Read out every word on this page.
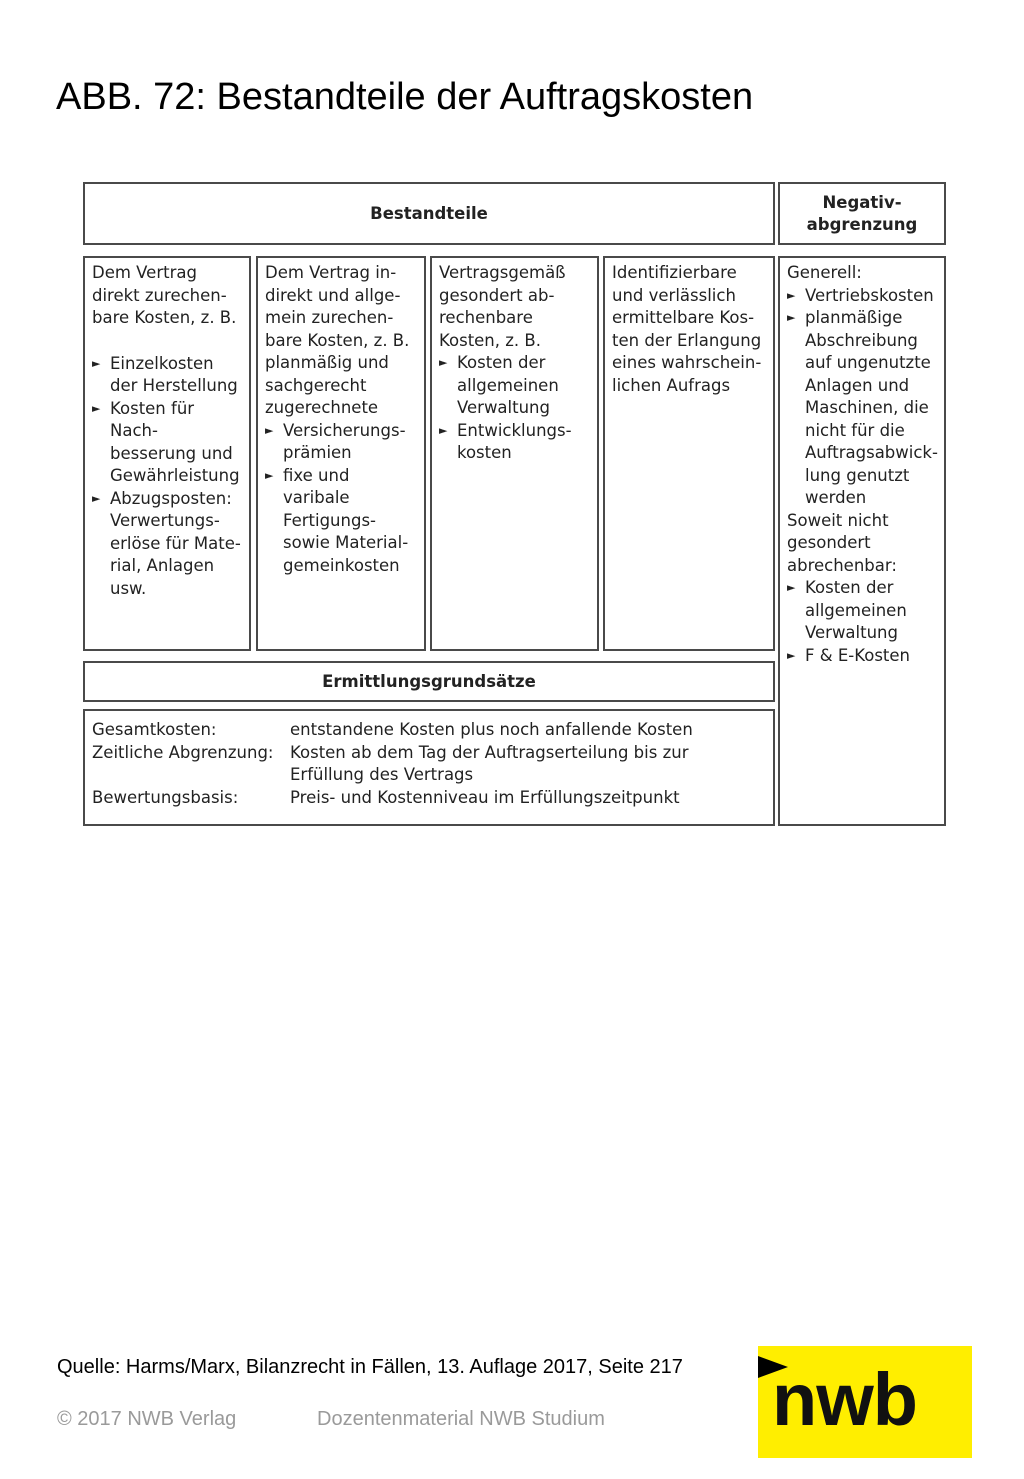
ABB. 72: Bestandteile der Auftragskosten
Bestandteile
Negativ-
abgrenzung
Dem Vertrag
direkt zurechen-
bare Kosten, z. B.
► Einzelkosten
der Herstellung
► Kosten für Nach-
besserung und
Gewährleistung
► Abzugsposten:
Verwertungs-
erlöse für Mate-
rial, Anlagen
usw.
Dem Vertrag in-
direkt und allge-
mein zurechen-
bare Kosten, z. B.
planmäßig und
sachgerecht
zugerechnete
► Versicherungs-
prämien
► fixe und varibale
Fertigungs-
sowie Material-
gemeinkosten
Vertragsgemäß
gesondert ab-
rechenbare
Kosten, z. B.
► Kosten der
allgemeinen
Verwaltung
► Entwicklungs-
kosten
Identifizierbare
und verlässlich
ermittelbare Kos-
ten der Erlangung
eines wahrschein-
lichen Aufrags
Generell:
► Vertriebskosten
► planmäßige
Abschreibung
auf ungenutzte
Anlagen und
Maschinen, die
nicht für die
Auftragsabwick-
lung genutzt
werden
Soweit nicht
gesondert
abrechenbar:
► Kosten der
allgemeinen
Verwaltung
► F & E-Kosten
Ermittlungsgrundsätze
Gesamtkosten:	entstandene Kosten plus noch anfallende Kosten
Zeitliche Abgrenzung:	Kosten ab dem Tag der Auftragserteilung bis zur
Erfüllung des Vertrags
Bewertungsbasis:	Preis- und Kostenniveau im Erfüllungszeitpunkt
Quelle: Harms/Marx, Bilanzrecht in Fällen, 13. Auflage 2017, Seite 217
© 2017 NWB Verlag	Dozentenmaterial NWB Studium nwb
